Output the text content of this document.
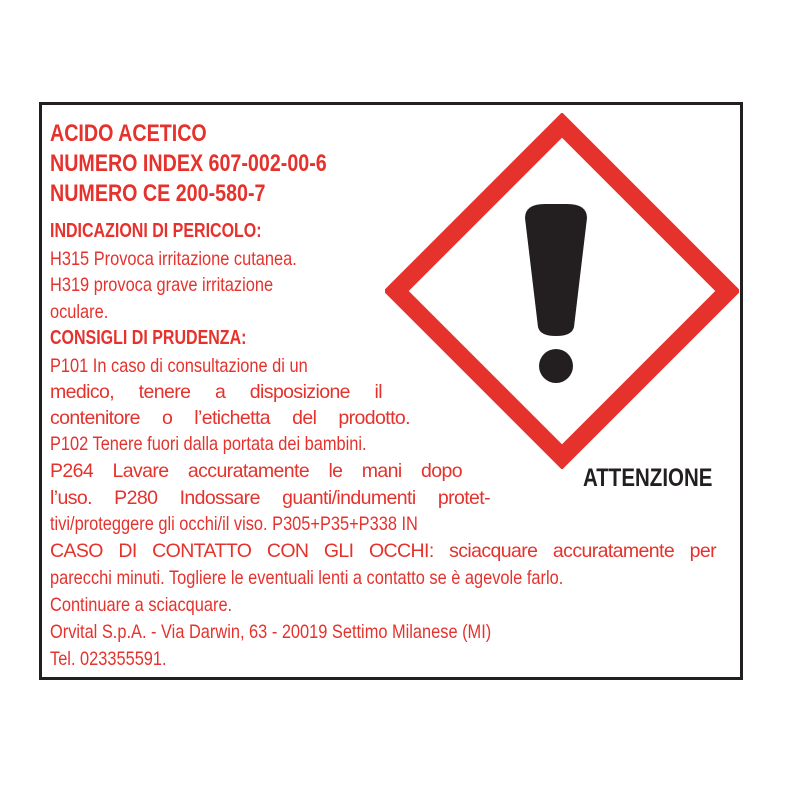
ACIDO ACETICO
NUMERO INDEX 607-002-00-6
NUMERO CE 200-580-7
INDICAZIONI DI PERICOLO:
H315 Provoca irritazione cutanea.
H319 provoca grave irritazione
oculare.
CONSIGLI DI PRUDENZA:
P101 In caso di consultazione di un
medico, tenere a disposizione il
contenitore o l’etichetta del prodotto.
P102 Tenere fuori dalla portata dei bambini.
P264 Lavare accuratamente le mani dopo
l’uso. P280 Indossare guanti/indumenti protet-
tivi/proteggere gli occhi/il viso. P305+P35+P338 IN
CASO DI CONTATTO CON GLI OCCHI: sciacquare accuratamente per
parecchi minuti. Togliere le eventuali lenti a contatto se è agevole farlo.
Continuare a sciacquare.
Orvital S.p.A. - Via Darwin, 63 - 20019 Settimo Milanese (MI)
Tel. 023355591.
ATTENZIONE
